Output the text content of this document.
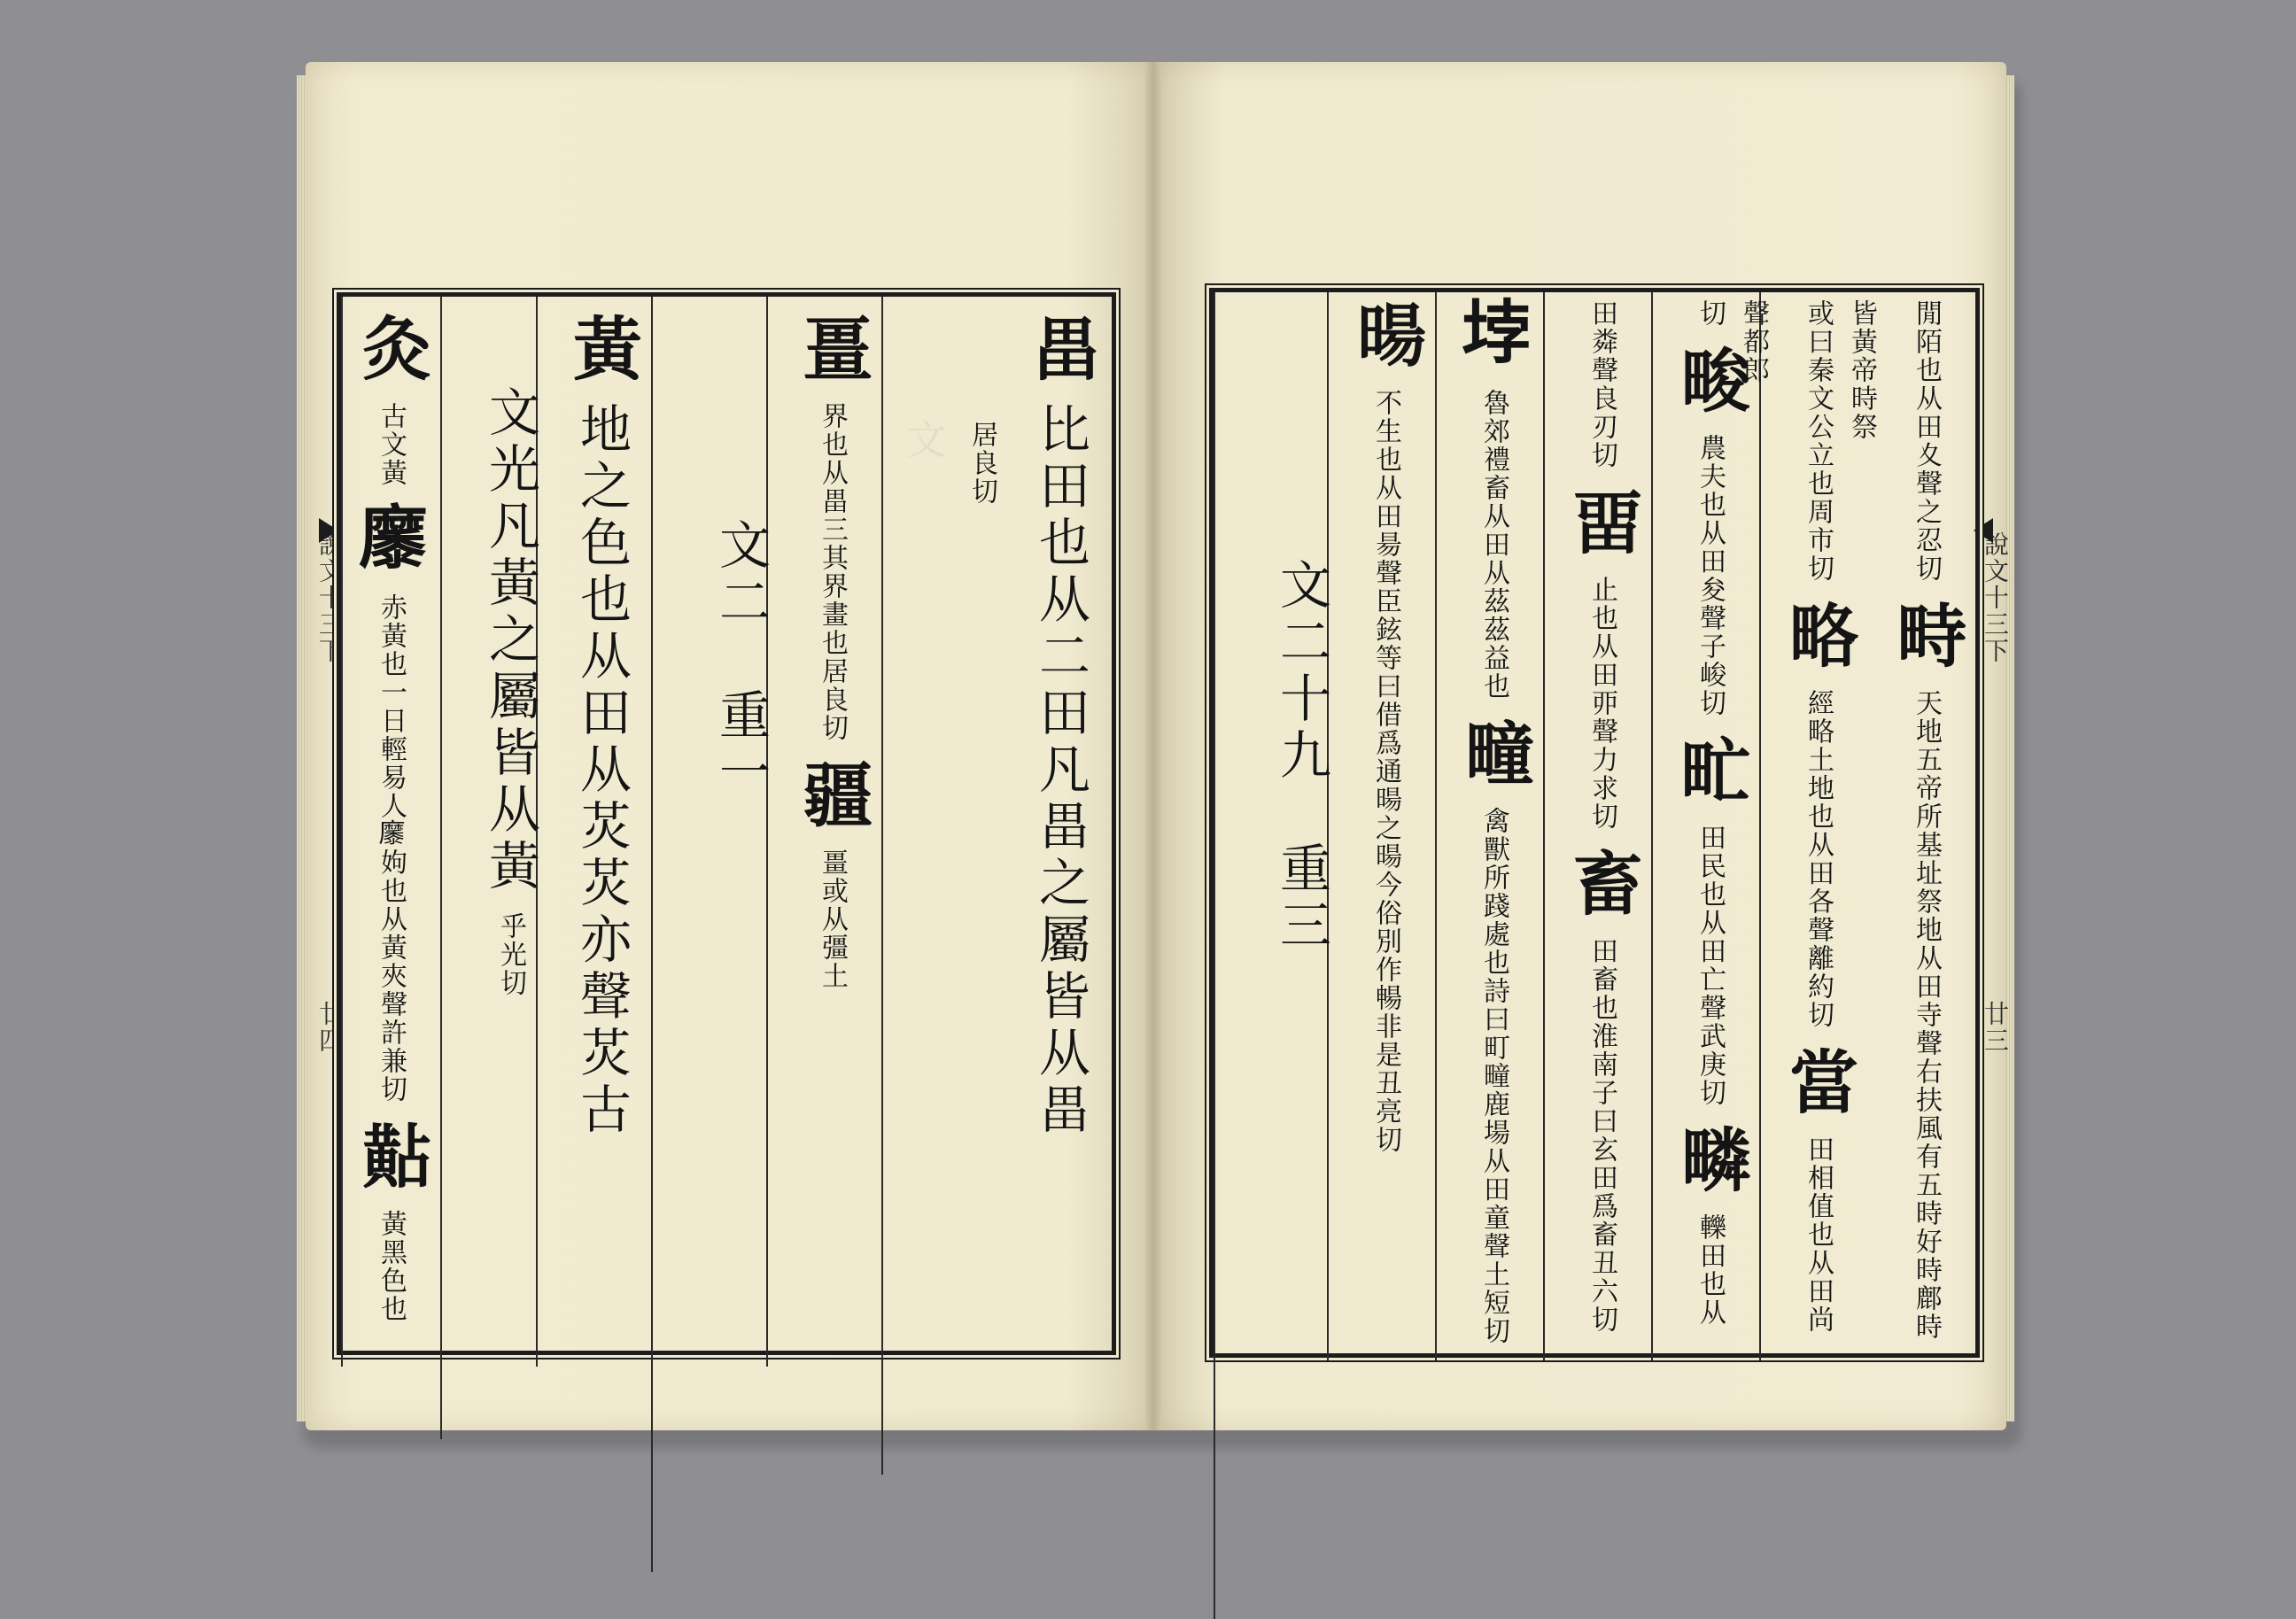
　　文　　

說文十三下
廿四
說文十三下
廿三
畕 比田也从二田凡畕之屬皆从畕
居良切
畺 界也从畕三其界畫也居良切 疆 畺或从彊土
文二　重一
黃 地之色也从田从炗炗亦聲炗古
文光凡黃之屬皆从黃 乎光切
灸 古文黃 𪎭 赤黃也一日輕易人𪎭姁也从黃夾聲許兼切 黇 黃黑色也
閒陌也从田夊聲之忍切 畤 天地五帝所基址祭地从田寺聲右扶風有五時好時鄜時皆黃帝時祭
或曰秦文公立也周市切 略 經略土地也从田各聲離約切 當 田相值也从田尚聲都郎
切 畯 農夫也从田夋聲子峻切 甿 田民也从田亡聲武庚切 疄 轢田也从
田粦聲良刃切 畱 止也从田丣聲力求切 畜 田畜也淮南子曰玄田爲畜丑六切
𡋯 魯郊禮畜从田从茲茲益也 疃 禽獸所踐處也詩曰町疃鹿場从田童聲土短切
暘 不生也从田昜聲臣鉉等曰借爲通暘之暘今俗別作暢非是丑亮切
文二十九　重三
